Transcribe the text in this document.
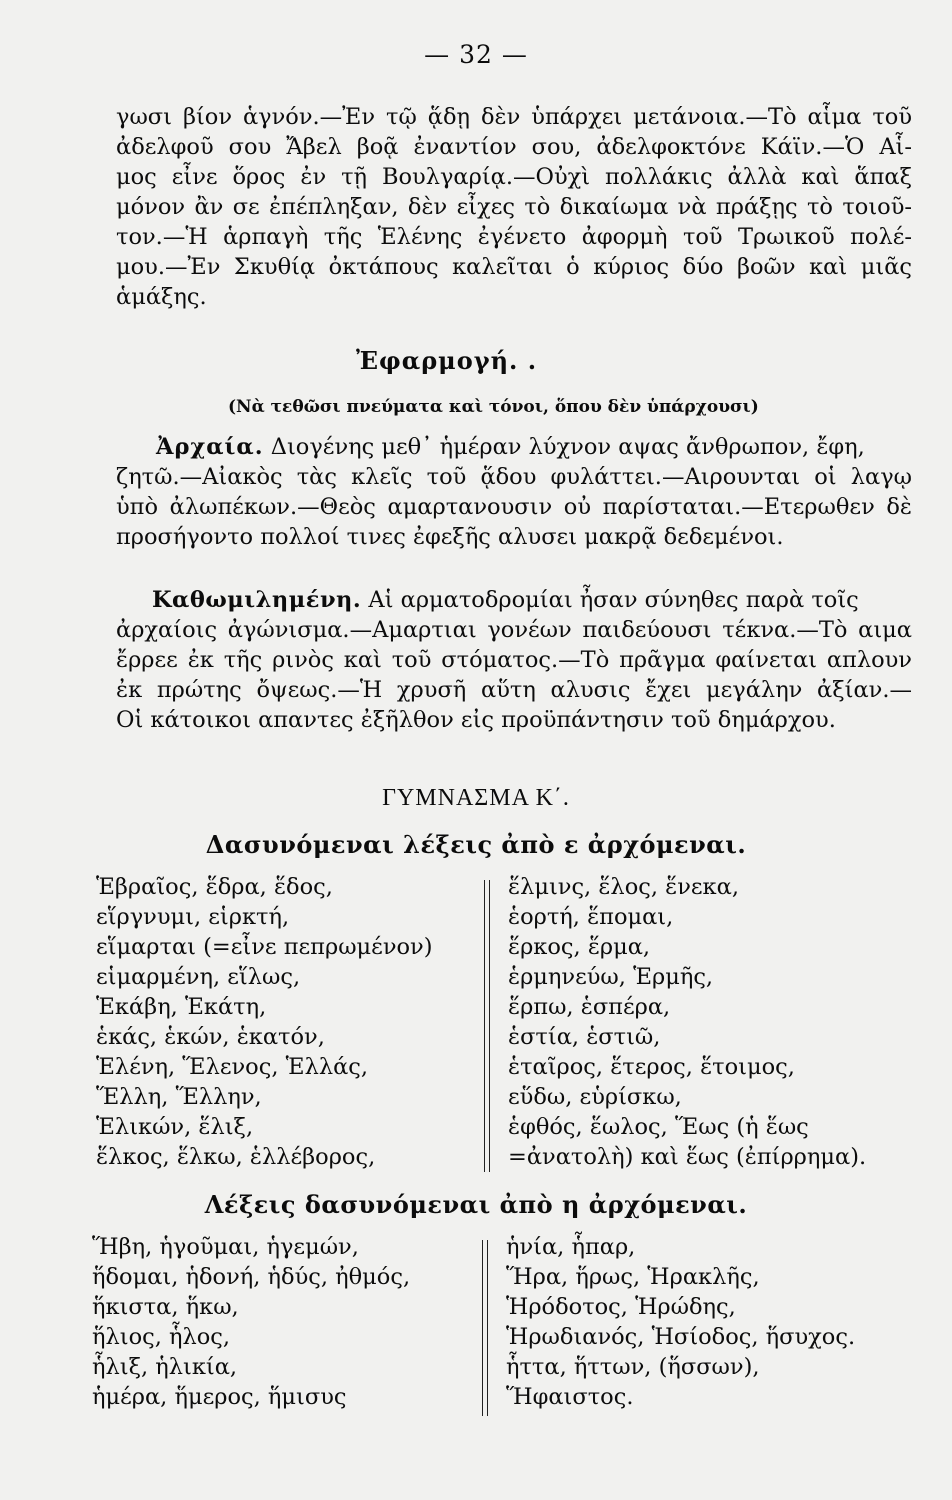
— 32 —
γωσι βίον ἁγνόν.—Ἐν τῷ ᾅδῃ δὲν ὑπάρχει μετάνοια.—Τὸ αἷμα τοῦ
ἀδελφοῦ σου Ἄβελ βοᾷ ἐναντίον σου, ἀδελφοκτόνε Κάϊν.—Ὁ Αἷ-
μος εἶνε ὅρος ἐν τῇ Βουλγαρίᾳ.—Οὐχὶ πολλάκις ἀλλὰ καὶ ἅπαξ
μόνον ἂν σε ἐπέπληξαν, δὲν εἶχες τὸ δικαίωμα νὰ πράξῃς τὸ τοιοῦ-
τον.—Ἡ ἁρπαγὴ τῆς Ἑλένης ἐγένετο ἀφορμὴ τοῦ Τρωικοῦ πολέ-
μου.—Ἐν Σκυθίᾳ ὀκτάπους καλεῖται ὁ κύριος δύο βοῶν καὶ μιᾶς
ἁμάξης.
Ἐφαρμογή. .
(Νὰ τεθῶσι πνεύματα καὶ τόνοι, ὅπου δὲν ὑπάρχουσι)
Ἀρχαία. Διογένης μεθ᾽ ἡμέραν λύχνον αψας ἄνθρωπον, ἔφη,
ζητῶ.—Αἰακὸς τὰς κλεῖς τοῦ ᾅδου φυλάττει.—Αιρουνται οἱ λαγῳ
ὑπὸ ἀλωπέκων.—Θεὸς αμαρτανουσιν οὐ παρίσταται.—Ετερωθεν δὲ
προσήγοντο πολλοί τινες ἐφεξῆς αλυσει μακρᾷ δεδεμένοι.
Καθωμιλημένη. Αἱ αρματοδρομίαι ἦσαν σύνηθες παρὰ τοῖς
ἀρχαίοις ἀγώνισμα.—Αμαρτιαι γονέων παιδεύουσι τέκνα.—Τὸ αιμα
ἔρρεε ἐκ τῆς ρινὸς καὶ τοῦ στόματος.—Τὸ πρᾶγμα φαίνεται απλουν
ἐκ πρώτης ὄψεως.—Ἡ χρυσῆ αὕτη αλυσις ἔχει μεγάλην ἀξίαν.—
Οἱ κάτοικοι απαντες ἐξῆλθον εἰς προϋπάντησιν τοῦ δημάρχου.
ΓΥΜΝΑΣΜΑ Κ΄.
Δασυνόμεναι λέξεις ἀπὸ ε ἀρχόμεναι.
Ἑβραῖος, ἕδρα, ἕδος,
εἵργνυμι, εἱρκτή,
εἵμαρται (=εἶνε πεπρωμένον)
εἱμαρμένη, εἵλως,
Ἑκάβη, Ἑκάτη,
ἑκάς, ἑκών, ἑκατόν,
Ἑλένη, Ἕλενος, Ἑλλάς,
Ἕλλη, Ἕλλην,
Ἑλικών, ἕλιξ,
ἕλκος, ἕλκω, ἑλλέβορος,
ἕλμινς, ἕλος, ἕνεκα,
ἑορτή, ἕπομαι,
ἕρκος, ἕρμα,
ἑρμηνεύω, Ἑρμῆς,
ἕρπω, ἑσπέρα,
ἑστία, ἑστιῶ,
ἑταῖρος, ἕτερος, ἕτοιμος,
εὕδω, εὑρίσκω,
ἑφθός, ἕωλος, Ἕως (ἡ ἕως
=ἀνατολὴ) καὶ ἕως (ἐπίρρημα).
Λέξεις δασυνόμεναι ἀπὸ η ἀρχόμεναι.
Ἥβη, ἡγοῦμαι, ἡγεμών,
ἥδομαι, ἡδονή, ἡδύς, ἠθμός,
ἥκιστα, ἥκω,
ἥλιος, ἧλος,
ἧλιξ, ἡλικία,
ἡμέρα, ἥμερος, ἥμισυς
ἡνία, ἧπαρ,
Ἥρα, ἥρως, Ἡρακλῆς,
Ἡρόδοτος, Ἡρώδης,
Ἡρωδιανός, Ἡσίοδος, ἥσυχος.
ἧττα, ἥττων, (ἥσσων),
Ἥφαιστος.
